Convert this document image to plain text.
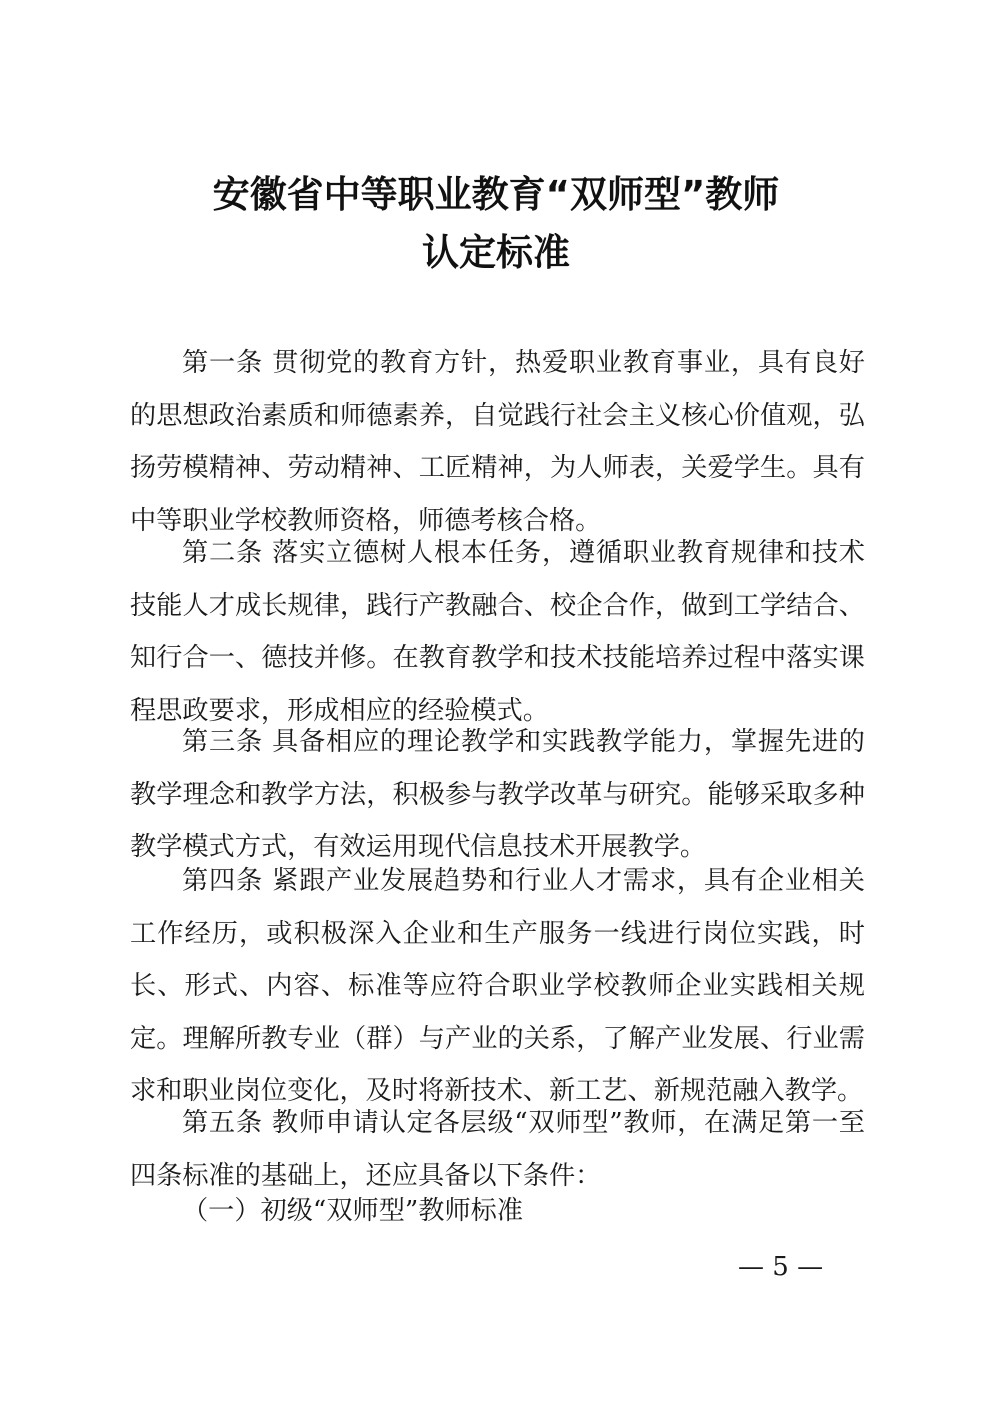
安徽省中等职业教育“双师型”教师
认定标准

第一条 贯彻党的教育方针，热爱职业教育事业，具有良好的思想政治素质和师德素养，自觉践行社会主义核心价值观，弘扬劳模精神、劳动精神、工匠精神，为人师表，关爱学生。具有中等职业学校教师资格，师德考核合格。

第二条 落实立德树人根本任务，遵循职业教育规律和技术技能人才成长规律，践行产教融合、校企合作，做到工学结合、知行合一、德技并修。在教育教学和技术技能培养过程中落实课程思政要求，形成相应的经验模式。

第三条 具备相应的理论教学和实践教学能力，掌握先进的教学理念和教学方法，积极参与教学改革与研究。能够采取多种教学模式方式，有效运用现代信息技术开展教学。

第四条 紧跟产业发展趋势和行业人才需求，具有企业相关工作经历，或积极深入企业和生产服务一线进行岗位实践，时长、形式、内容、标准等应符合职业学校教师企业实践相关规定。理解所教专业（群）与产业的关系，了解产业发展、行业需求和职业岗位变化，及时将新技术、新工艺、新规范融入教学。

第五条 教师申请认定各层级“双师型”教师，在满足第一至四条标准的基础上，还应具备以下条件：

（一）初级“双师型”教师标准

— 5 —
